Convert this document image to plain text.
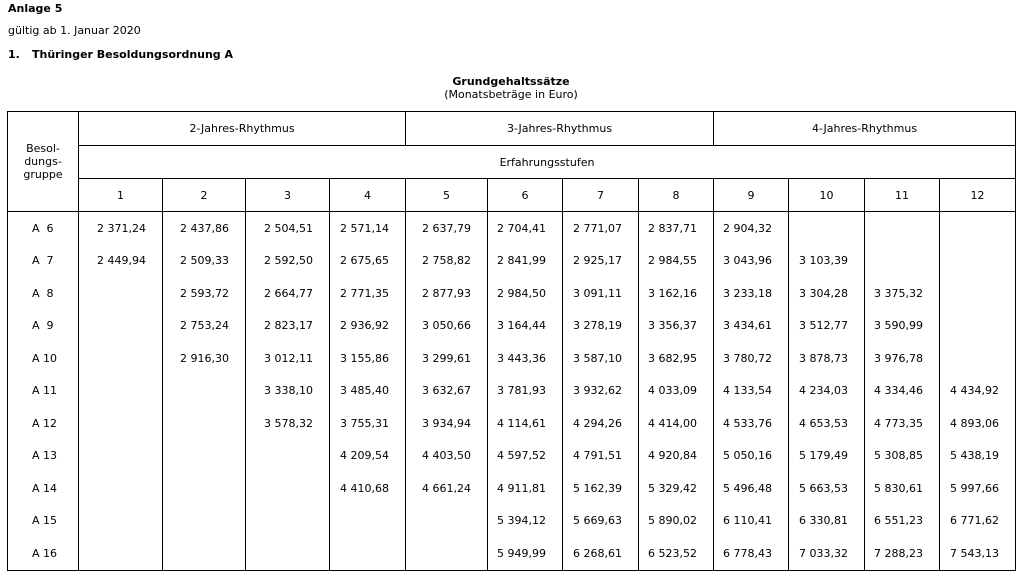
Anlage 5
gültig ab 1. Januar 2020
1. Thüringer Besoldungsordnung A
Grundgehaltssätze
(Monatsbeträge in Euro)
Besol-
dungs-
gruppe	2-Jahres-Rhythmus				3-Jahres-Rhythmus				4-Jahres-Rhythmus			
	Erfahrungsstufen											
	1	2	3	4	5	6	7	8	9	10	11	12
A  6	2 371,24	2 437,86	2 504,51	2 571,14	2 637,79	2 704,41	2 771,07	2 837,71	2 904,32			
A  7	2 449,94	2 509,33	2 592,50	2 675,65	2 758,82	2 841,99	2 925,17	2 984,55	3 043,96	3 103,39		
A  8		2 593,72	2 664,77	2 771,35	2 877,93	2 984,50	3 091,11	3 162,16	3 233,18	3 304,28	3 375,32	
A  9		2 753,24	2 823,17	2 936,92	3 050,66	3 164,44	3 278,19	3 356,37	3 434,61	3 512,77	3 590,99	
A 10		2 916,30	3 012,11	3 155,86	3 299,61	3 443,36	3 587,10	3 682,95	3 780,72	3 878,73	3 976,78	
A 11			3 338,10	3 485,40	3 632,67	3 781,93	3 932,62	4 033,09	4 133,54	4 234,03	4 334,46	4 434,92
A 12			3 578,32	3 755,31	3 934,94	4 114,61	4 294,26	4 414,00	4 533,76	4 653,53	4 773,35	4 893,06
A 13				4 209,54	4 403,50	4 597,52	4 791,51	4 920,84	5 050,16	5 179,49	5 308,85	5 438,19
A 14				4 410,68	4 661,24	4 911,81	5 162,39	5 329,42	5 496,48	5 663,53	5 830,61	5 997,66
A 15						5 394,12	5 669,63	5 890,02	6 110,41	6 330,81	6 551,23	6 771,62
A 16						5 949,99	6 268,61	6 523,52	6 778,43	7 033,32	7 288,23	7 543,13
